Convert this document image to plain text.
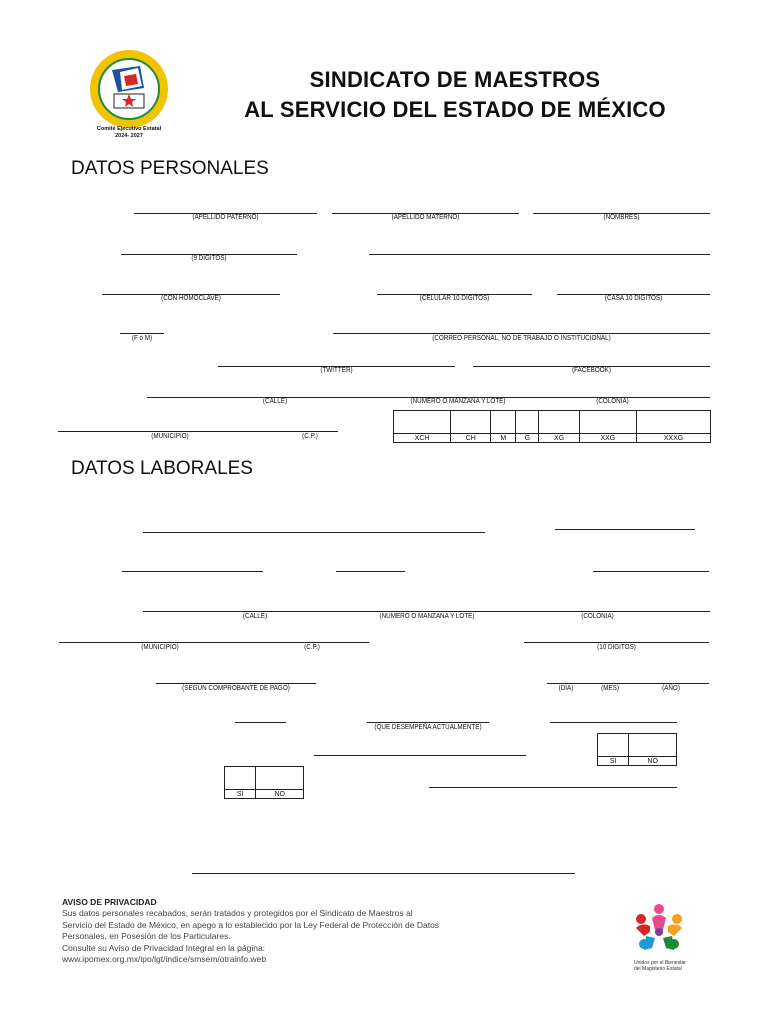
Comité Ejecutivo Estatal
2024- 2027
SINDICATO DE MAESTROS
AL SERVICIO DEL ESTADO DE MÉXICO
DATOS PERSONALES
(APELLIDO PATERNO)	(APELLIDO MATERNO)	(NOMBRES)
(9 DIGITOS)
(CON HOMOCLAVE)	(CELULAR 10 DIGITOS)	(CASA 10 DIGITOS)
(F ó M)	(CORREO PERSONAL, NO DE TRABAJO O INSTITUCIONAL)
(TWITTER)	(FACEBOOK)
(CALLE)	(NUMERO O MANZANA Y LOTE)	(COLONIA)
(MUNICIPIO)	(C.P.)
							XCH	CH	M	G	XG	XXG	XXXG
DATOS LABORALES
(CALLE)	(NUMERO O MANZANA Y LOTE)	(COLONIA)
(MUNICIPIO)	(C.P.)	(10 DIGITOS)
(SEGÚN COMPROBANTE DE PAGO)	(DIA)	(MES)	(AÑO)
(QUE DESEMPEÑA ACTUALMENTE)

SI	NO

SI	NO
AVISO DE PRIVACIDAD
Sus datos personales recabados, serán tratados y protegidos por el Sindicato de Maestros al
Servicio del Estado de México, en apego a lo establecido por la Ley Federal de Protección de Datos
Personales, en Posesión de los Particulares.
Consulte su Aviso de Privacidad Integral en la página:
www.ipomex.org.mx/ipo/lgt/indice/smsem/otrainfo.web	Unidos por el Bienestar
del Magisterio Estatal
